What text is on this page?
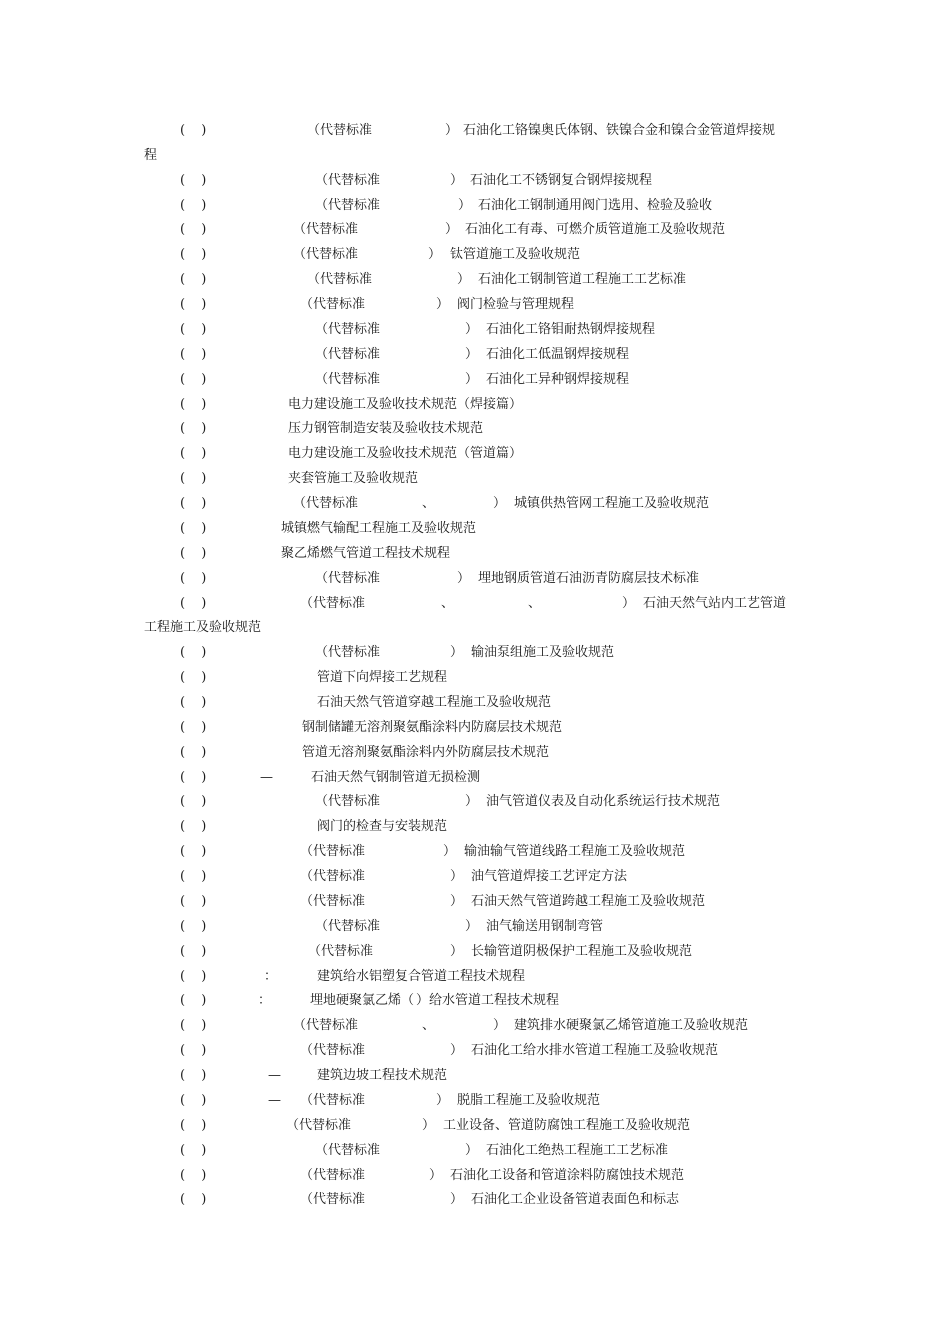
( )	（代替标准	） 石油化工铬镍奥氏体钢、铁镍合金和镍合金管道焊接规
程
( )	（代替标准	） 石油化工不锈钢复合钢焊接规程
( )	（代替标准	） 石油化工钢制通用阀门选用、检验及验收
( )	（代替标准	） 石油化工有毒、可燃介质管道施工及验收规范
( )	（代替标准	） 钛管道施工及验收规范
( )	（代替标准	） 石油化工钢制管道工程施工工艺标准
( )	（代替标准	） 阀门检验与管理规程
( )	（代替标准	） 石油化工铬钼耐热钢焊接规程
( )	（代替标准	） 石油化工低温钢焊接规程
( )	（代替标准	） 石油化工异种钢焊接规程
( )	电力建设施工及验收技术规范（焊接篇）
( )	压力钢管制造安装及验收技术规范
( )	电力建设施工及验收技术规范（管道篇）
( )	夹套管施工及验收规范
( )	（代替标准	、	） 城镇供热管网工程施工及验收规范
( )	城镇燃气输配工程施工及验收规范
( )	聚乙烯燃气管道工程技术规程
( )	（代替标准	） 埋地钢质管道石油沥青防腐层技术标准
( )	（代替标准	、	、	） 石油天然气站内工艺管道
工程施工及验收规范
( )	（代替标准	） 输油泵组施工及验收规范
( )	管道下向焊接工艺规程
( )	石油天然气管道穿越工程施工及验收规范
( )	钢制储罐无溶剂聚氨酯涂料内防腐层技术规范
( )	管道无溶剂聚氨酯涂料内外防腐层技术规范
( )	—	石油天然气钢制管道无损检测
( )	（代替标准	） 油气管道仪表及自动化系统运行技术规范
( )	阀门的检查与安装规范
( )	（代替标准	） 输油输气管道线路工程施工及验收规范
( )	（代替标准	） 油气管道焊接工艺评定方法
( )	（代替标准	） 石油天然气管道跨越工程施工及验收规范
( )	（代替标准	） 油气输送用钢制弯管
( )	（代替标准	） 长输管道阴极保护工程施工及验收规范
( )	：	建筑给水铝塑复合管道工程技术规程
( )	：	埋地硬聚氯乙烯（ ）给水管道工程技术规程
( )	（代替标准	、	） 建筑排水硬聚氯乙烯管道施工及验收规范
( )	（代替标准	） 石油化工给水排水管道工程施工及验收规范
( )	—	建筑边坡工程技术规范
( )	— （代替标准	） 脱脂工程施工及验收规范
( )	（代替标准	） 工业设备、管道防腐蚀工程施工及验收规范
( )	（代替标准	） 石油化工绝热工程施工工艺标准
( )	（代替标准	） 石油化工设备和管道涂料防腐蚀技术规范
( )	（代替标准	） 石油化工企业设备管道表面色和标志
